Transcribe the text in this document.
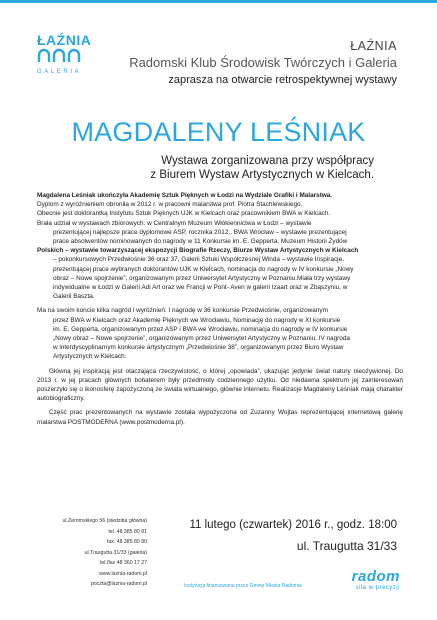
ŁAŹNIA
GALERIA
ŁAŹNIA
Radomski Klub Środowisk Twórczych i Galeria
zaprasza na otwarcie retrospektywnej wystawy
MAGDALENY LEŚNIAK
Wystawa zorganizowana przy współpracy
z Biurem Wystaw Artystycznych w Kielcach.

Magdalena Leśniak ukończyła Akademię Sztuk Pięknych w Łodzi na Wydziale Grafiki i Malarstwa.
Dyplom z wyróżnieniem obroniła w 2012 r. w pracowni malarstwa prof. Piotra Stachlewskiego.
Obecnie jest doktorantką Instytutu Sztuk Pięknych UJK w Kielcach oraz pracownikiem BWA w Kielcach.
Brała udział w wystawach zbiorowych: w Centralnym Muzeum Włókiennictwa w Łodzi – wystawie
prezentującej najlepsze prace dyplomowe ASP, rocznika 2012., BWA Wrocław – wystawie prezentującej
prace absolwentów nominowanych do nagrody w 11 Konkursie im. E. Gepperta, Muzeum Historii Żydów
Polskich – wystawie towarzyszącej ekspozycji Biografie Rzeczy, Biurze Wystaw Artystycznych w Kielcach
– pokonkursowych Przedwiośnie 36 oraz 37, Galerii Sztuki Współczesnej Winda – wystawie Inspiracje,
prezentującej prace wybranych doktorantów UJK w Kielcach, nominacja do nagrody w IV konkursie „Nowy
obraz – Nowe spojrzenie”, organizowanym przez Uniwersytet Artystyczny w Poznaniu.Miała trzy wystawy
indywidualne w Łodzi w Galerii Adi Art oraz we Francji w Pont- Aven w galerii Izaart oraz w Zbąszyniu, w
Galerii Baszta.

Ma na swoim koncie kilka nagród i wyróżnień: I nagrodę w 36 konkursie Przedwiośnie, organizowanym
przez BWA w Kielcach oraz Akademię Pięknych we Wrocławiu, Nominację do nagrody w XI konkursie
im. E. Gepperta, organizowanym przez ASP i BWA we Wrocławiu, nominacja do nagrody w IV konkursie
„Nowy obraz – Nowe spojrzenie”, organizowanym przez Uniwersytet Artystyczny w Poznaniu, IV nagroda
w interdyscyplinarnym konkursie artystycznym „Przedwiośnie 38”, organizowanym przez Biuro Wystaw
Artystycznych w Kielcach.

Główną jej inspiracją jest otaczająca rzeczywistość, o której „opowiada”, ukazując jedynie świat natury nieożywionej. Do 2013 r. w jej pracach głównych bohaterem były przedmioty codziennego użytku. Od niedawna spektrum jej zainteresowań poszerzyło się o ikonosferę zapożyczoną ze świata wirtualnego, głównie internetu. Realizacje Magdaleny Leśniak mają charakter autobiograficzny.

Część prac prezentowanych na wystawie została wypożyczona od Zuzanny Wojtas reprezentującej internetową galerię malarstwa POSTMODERNA (www.postmoderna.pl).

ul.Żeromskiego 56 (siedziba główna)
tel. 48 385 80 81
fax. 48 385 80 80
ul.Traugutta 31/33 (galeria)
tel./fax 48 360 17 27
www.laznia-radom.pl
poczta@laznia-radom.pl
11 lutego (czwartek) 2016 r., godz. 18:00
ul. Traugutta 31/33
Instytucja finansowana przez Gminę Miasta Radomia
radom
siła w precyzji
